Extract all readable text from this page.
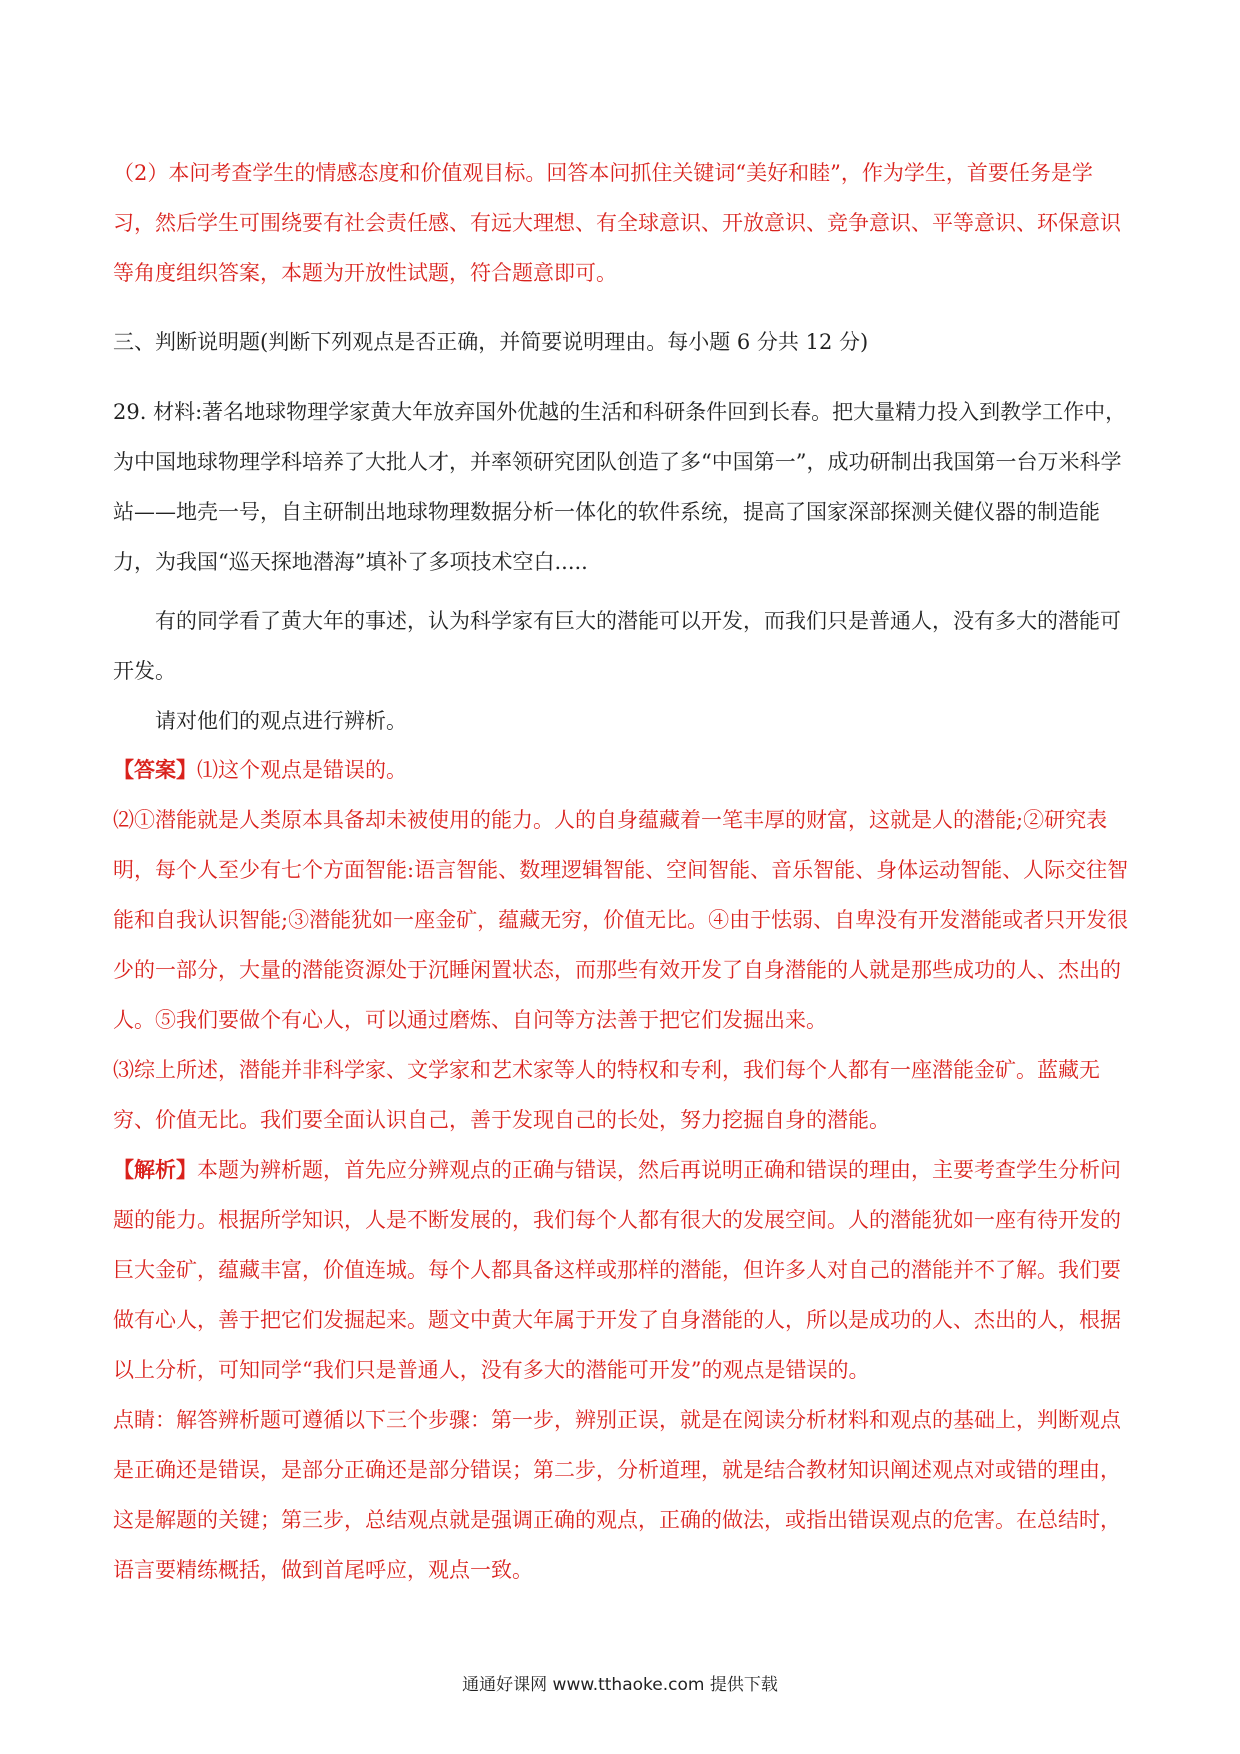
（2）本问考查学生的情感态度和价值观目标。回答本问抓住关键词“美好和睦”，作为学生，首要任务是学习，然后学生可围绕要有社会责任感、有远大理想、有全球意识、开放意识、竞争意识、平等意识、环保意识 等角度组织答案，本题为开放性试题，符合题意即可。

三、判断说明题(判断下列观点是否正确，并简要说明理由。每小题 6 分共 12 分)

29. 材料:著名地球物理学家黄大年放弃国外优越的生活和科研条件回到长春。把大量精力投入到教学工作中，为中国地球物理学科培养了大批人才，并率领研究团队创造了多“中国第一”，成功研制出我国第一台万米科学站——地壳一号，自主研制出地球物理数据分析一体化的软件系统，提高了国家深部探测关健仪器的制造能力，为我国“巡天探地潜海”填补了多项技术空白.....

有的同学看了黄大年的事述，认为科学家有巨大的潜能可以开发，而我们只是普通人，没有多大的潜能可开发。

请对他们的观点进行辨析。

【答案】⑴这个观点是错误的。

⑵①潜能就是人类原本具备却未被使用的能力。人的自身蕴藏着一笔丰厚的财富，这就是人的潜能;②研究表明，每个人至少有七个方面智能:语言智能、数理逻辑智能、空间智能、音乐智能、身体运动智能、人际交往智能和自我认识智能;③潜能犹如一座金矿，蕴藏无穷，价值无比。④由于怯弱、自卑没有开发潜能或者只开发很少的一部分，大量的潜能资源处于沉睡闲置状态，而那些有效开发了自身潜能的人就是那些成功的人、杰出的人。⑤我们要做个有心人，可以通过磨炼、自问等方法善于把它们发掘出来。

⑶综上所述，潜能并非科学家、文学家和艺术家等人的特权和专利，我们每个人都有一座潜能金矿。蓝藏无穷、价值无比。我们要全面认识自己，善于发现自己的长处，努力挖掘自身的潜能。

【解析】本题为辨析题，首先应分辨观点的正确与错误，然后再说明正确和错误的理由，主要考查学生分析问题的能力。根据所学知识，人是不断发展的，我们每个人都有很大的发展空间。人的潜能犹如一座有待开发的巨大金矿，蕴藏丰富，价值连城。每个人都具备这样或那样的潜能，但许多人对自己的潜能并不了解。我们要做有心人，善于把它们发掘起来。题文中黄大年属于开发了自身潜能的人，所以是成功的人、杰出的人，根据以上分析，可知同学“我们只是普通人，没有多大的潜能可开发”的观点是错误的。

点睛：解答辨析题可遵循以下三个步骤：第一步，辨别正误，就是在阅读分析材料和观点的基础上，判断观点是正确还是错误，是部分正确还是部分错误；第二步，分析道理，就是结合教材知识阐述观点对或错的理由，这是解题的关键；第三步，总结观点就是强调正确的观点，正确的做法，或指出错误观点的危害。在总结时，语言要精练概括，做到首尾呼应，观点一致。

通通好课网 www.tthaoke.com 提供下载
